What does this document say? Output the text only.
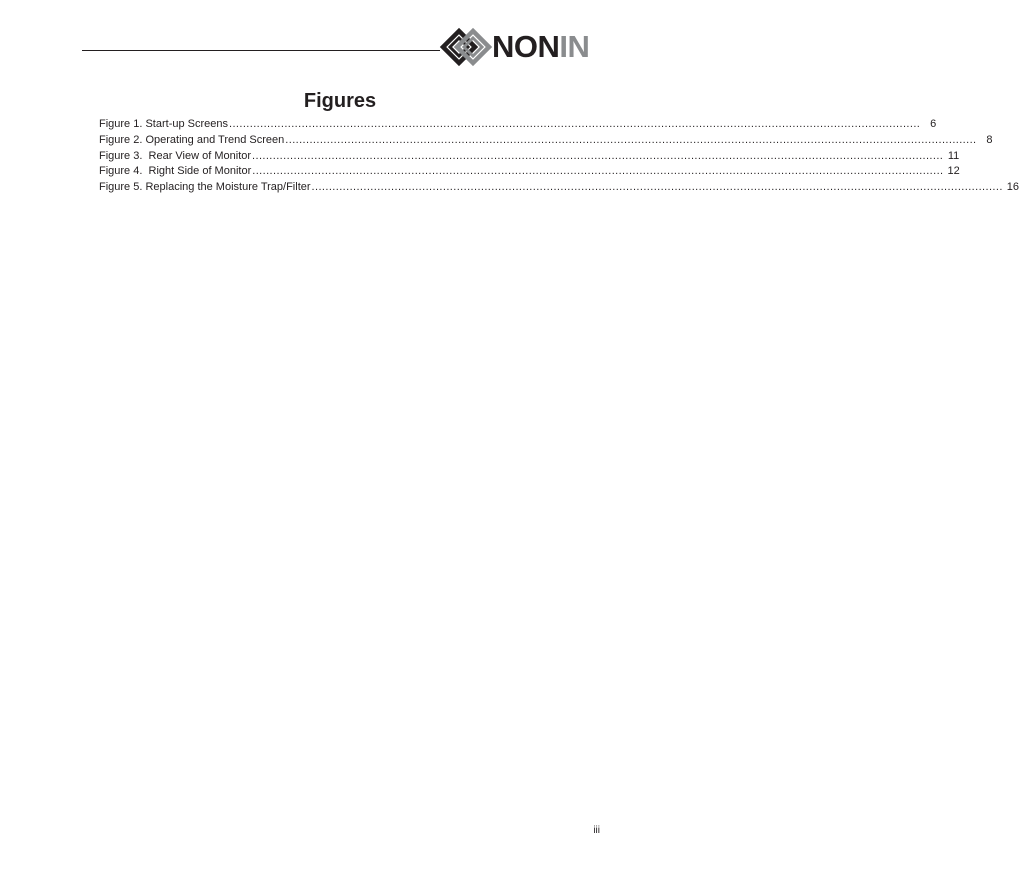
NONIN
Figures
Figure 1. Start-up Screens ........................................................................................................................................................................................................ 6
Figure 2. Operating and Trend Screen ........................................................................................................................................................................................................ 8
Figure 3.  Rear View of Monitor ........................................................................................................................................................................................................ 11
Figure 4.  Right Side of Monitor ........................................................................................................................................................................................................ 12
Figure 5. Replacing the Moisture Trap/Filter ........................................................................................................................................................................................................ 16
iii
